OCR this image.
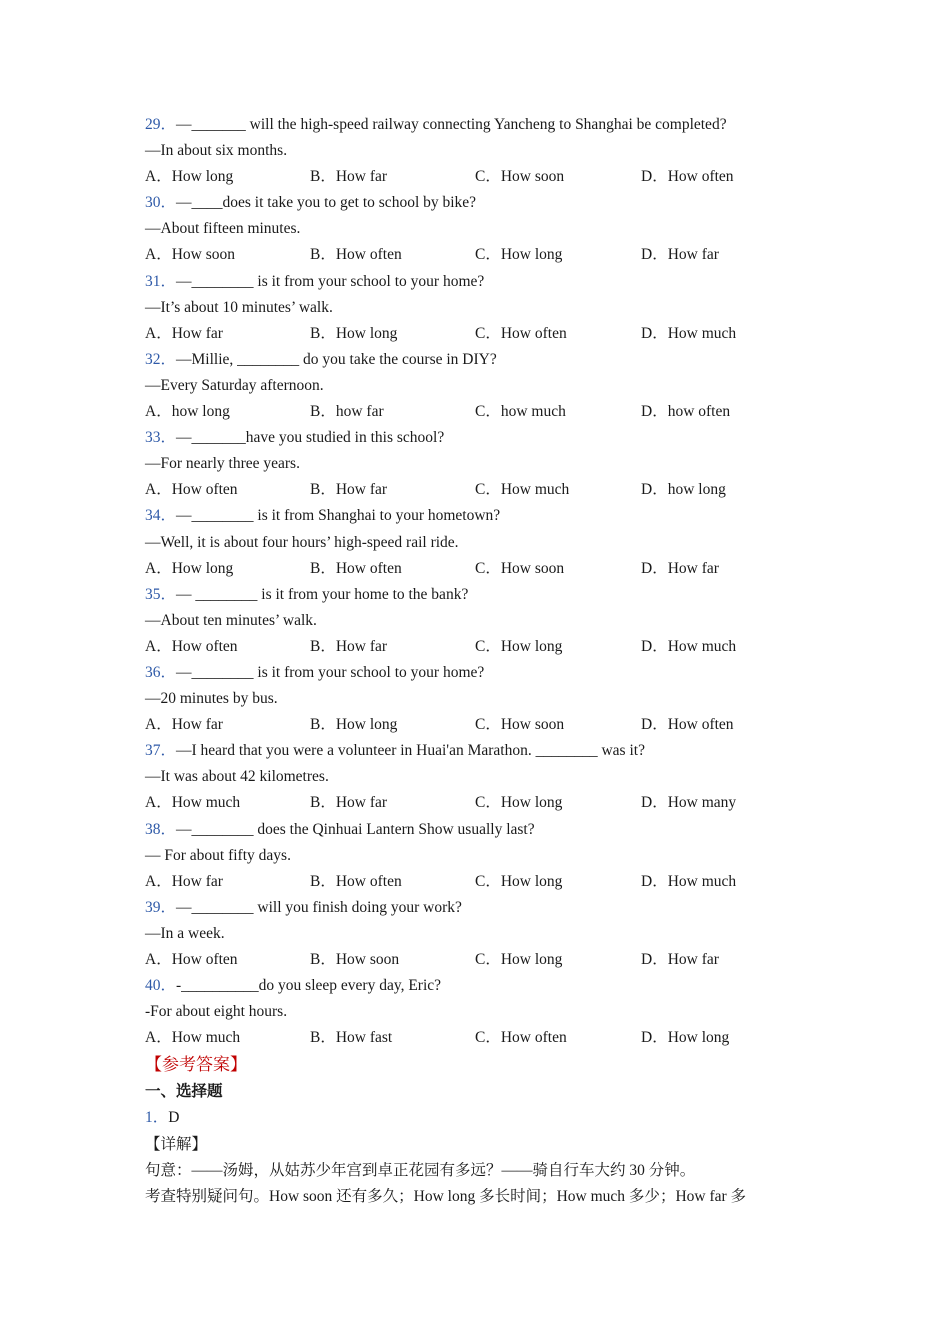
29．—_______ will the high-speed railway connecting Yancheng to Shanghai be completed?
—In about six months.
A．How long	B．How far	C．How soon	D．How often
30．—____does it take you to get to school by bike?
—About fifteen minutes.
A．How soon	B．How often	C．How long	D．How far
31．—________ is it from your school to your home?
—It’s about 10 minutes’ walk.
A．How far	B．How long	C．How often	D．How much
32．—Millie, ________ do you take the course in DIY?
—Every Saturday afternoon.
A．how long	B．how far	C．how much	D．how often
33．—_______have you studied in this school?
—For nearly three years.
A．How often	B．How far	C．How much	D．how long
34．—________ is it from Shanghai to your hometown?
—Well, it is about four hours’ high-speed rail ride.
A．How long	B．How often	C．How soon	D．How far
35．— ________ is it from your home to the bank?
—About ten minutes’ walk.
A．How often	B．How far	C．How long	D．How much
36．—________ is it from your school to your home?
—20 minutes by bus.
A．How far	B．How long	C．How soon	D．How often
37．—I heard that you were a volunteer in Huai'an Marathon. ________ was it?
—It was about 42 kilometres.
A．How much	B．How far	C．How long	D．How many
38．—________ does the Qinhuai Lantern Show usually last?
— For about fifty days.
A．How far	B．How often	C．How long	D．How much
39．—________ will you finish doing your work?
—In a week.
A．How often	B．How soon	C．How long	D．How far
40．-__________do you sleep every day, Eric?
-For about eight hours.
A．How much	B．How fast	C．How often	D．How long
【参考答案】
一、选择题
1．D
【详解】
句意：——汤姆，从姑苏少年宫到卓正花园有多远？——骑自行车大约 30 分钟。
考查特别疑问句。How soon 还有多久；How long 多长时间；How much 多少；How far 多
